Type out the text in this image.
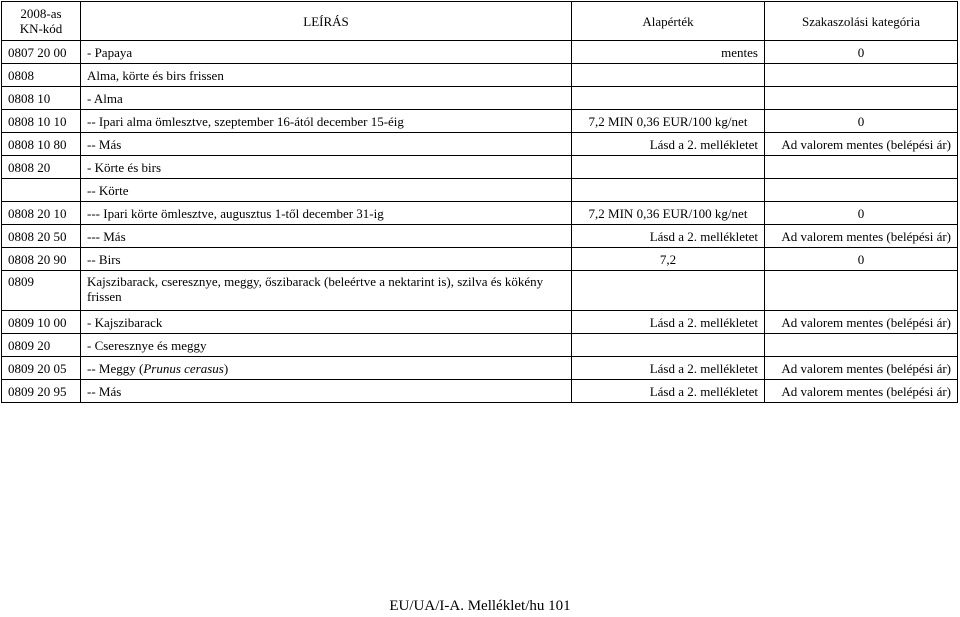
2008-as
KN-kód	LEÍRÁS	Alapérték	Szakaszolási kategória
0807 20 00	- Papaya	mentes	0
0808	Alma, körte és birs frissen		
0808 10	- Alma		
0808 10 10	-- Ipari alma ömlesztve, szeptember 16-ától december 15-éig	7,2 MIN 0,36 EUR/100 kg/net	0
0808 10 80	-- Más	Lásd a 2. mellékletet	Ad valorem mentes (belépési ár)
0808 20	- Körte és birs		
	-- Körte		
0808 20 10	--- Ipari körte ömlesztve, augusztus 1-től december 31-ig	7,2 MIN 0,36 EUR/100 kg/net	0
0808 20 50	--- Más	Lásd a 2. mellékletet	Ad valorem mentes (belépési ár)
0808 20 90	-- Birs	7,2	0
0809	Kajszibarack, cseresznye, meggy, őszibarack (beleértve a nektarint is), szilva és kökény frissen		
0809 10 00	- Kajszibarack	Lásd a 2. mellékletet	Ad valorem mentes (belépési ár)
0809 20	- Cseresznye és meggy		
0809 20 05	-- Meggy (Prunus cerasus)	Lásd a 2. mellékletet	Ad valorem mentes (belépési ár)
0809 20 95	-- Más	Lásd a 2. mellékletet	Ad valorem mentes (belépési ár)
EU/UA/I-A. Melléklet/hu 101
